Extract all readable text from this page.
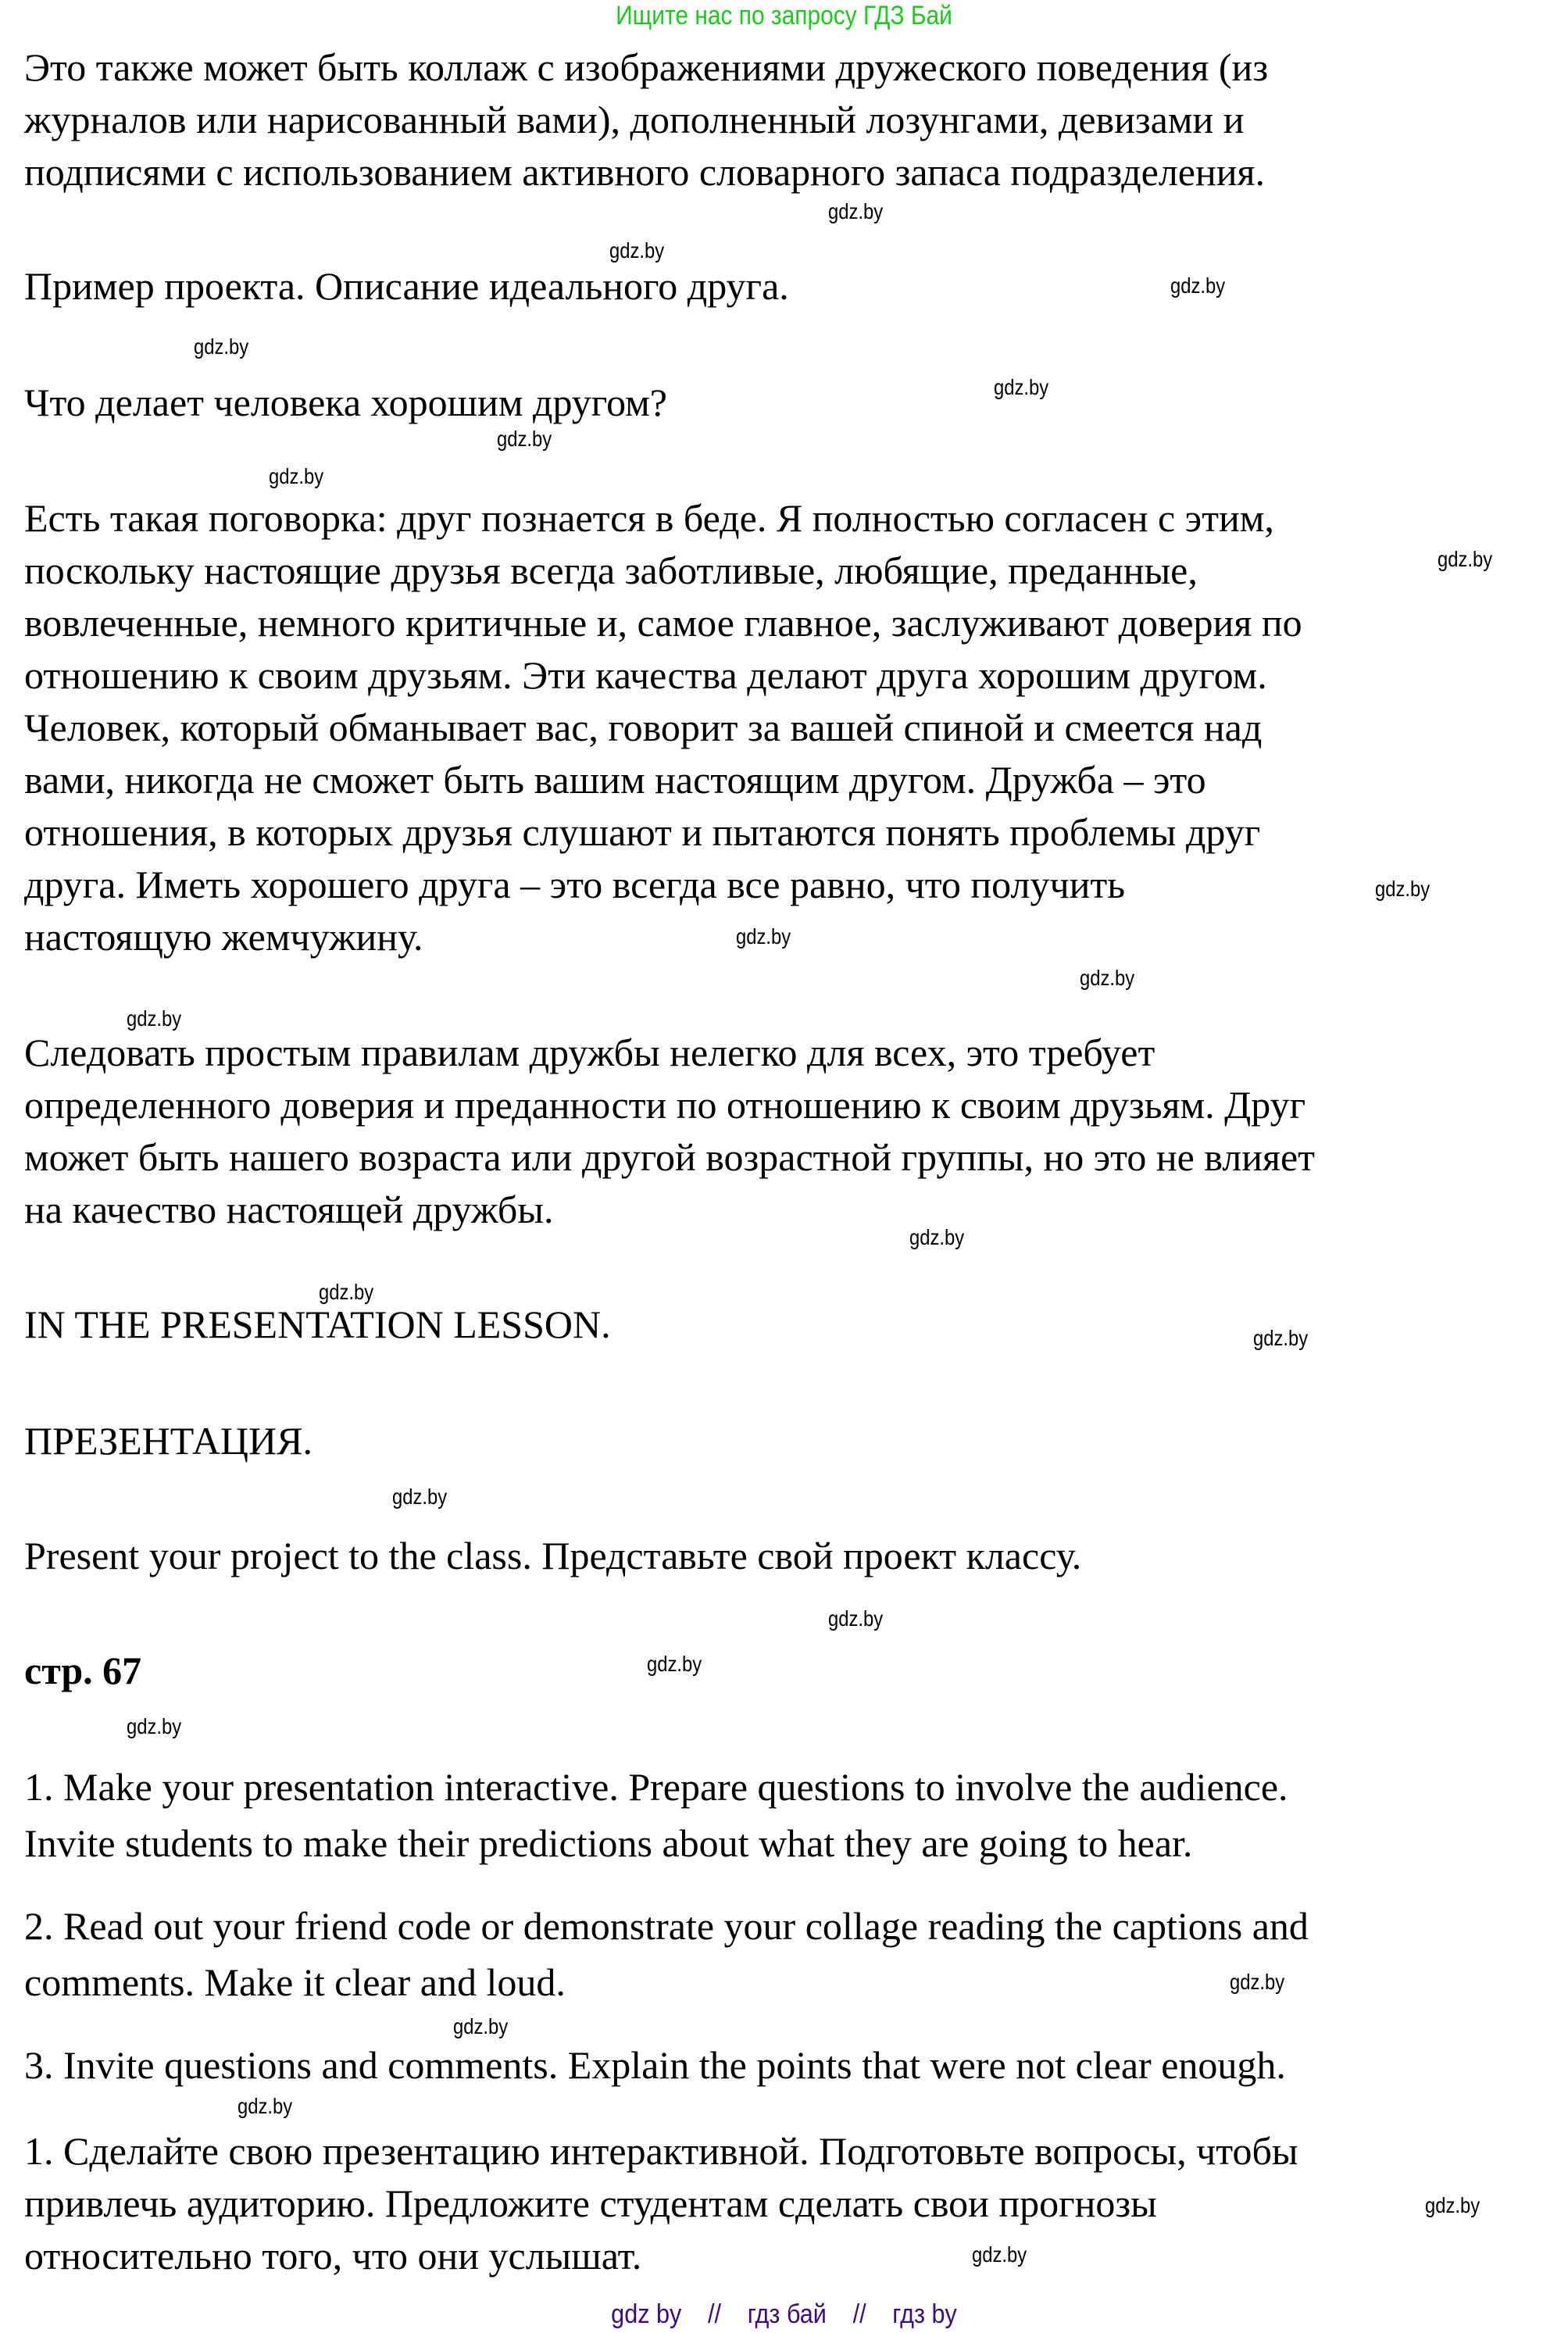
Ищите нас по запросу ГДЗ Бай
Это также может быть коллаж с изображениями дружеского поведения (из
журналов или нарисованный вами), дополненный лозунгами, девизами и
подписями с использованием активного словарного запаса подразделения.
Пример проекта. Описание идеального друга.
Что делает человека хорошим другом?
Есть такая поговорка: друг познается в беде. Я полностью согласен с этим,
поскольку настоящие друзья всегда заботливые, любящие, преданные,
вовлеченные, немного критичные и, самое главное, заслуживают доверия по
отношению к своим друзьям. Эти качества делают друга хорошим другом.
Человек, который обманывает вас, говорит за вашей спиной и смеется над
вами, никогда не сможет быть вашим настоящим другом. Дружба – это
отношения, в которых друзья слушают и пытаются понять проблемы друг
друга. Иметь хорошего друга – это всегда все равно, что получить
настоящую жемчужину.
Следовать простым правилам дружбы нелегко для всех, это требует
определенного доверия и преданности по отношению к своим друзьям. Друг
может быть нашего возраста или другой возрастной группы, но это не влияет
на качество настоящей дружбы.
IN THE PRESENTATION LESSON.
ПРЕЗЕНТАЦИЯ.
Present your project to the class. Представьте свой проект классу.
стр. 67
1. Make your presentation interactive. Prepare questions to involve the audience.
Invite students to make their predictions about what they are going to hear.
2. Read out your friend code or demonstrate your collage reading the captions and
comments. Make it clear and loud.
3. Invite questions and comments. Explain the points that were not clear enough.
1. Сделайте свою презентацию интерактивной. Подготовьте вопросы, чтобы
привлечь аудиторию. Предложите студентам сделать свои прогнозы
относительно того, что они услышат.
gdz.by
gdz.by
gdz.by
gdz.by
gdz.by
gdz.by
gdz.by
gdz.by
gdz.by
gdz.by
gdz.by
gdz.by
gdz.by
gdz.by
gdz.by
gdz.by
gdz.by
gdz.by
gdz.by
gdz.by
gdz.by
gdz.by
gdz.by
gdz.by
gdz by // гдз бай // гдз by
